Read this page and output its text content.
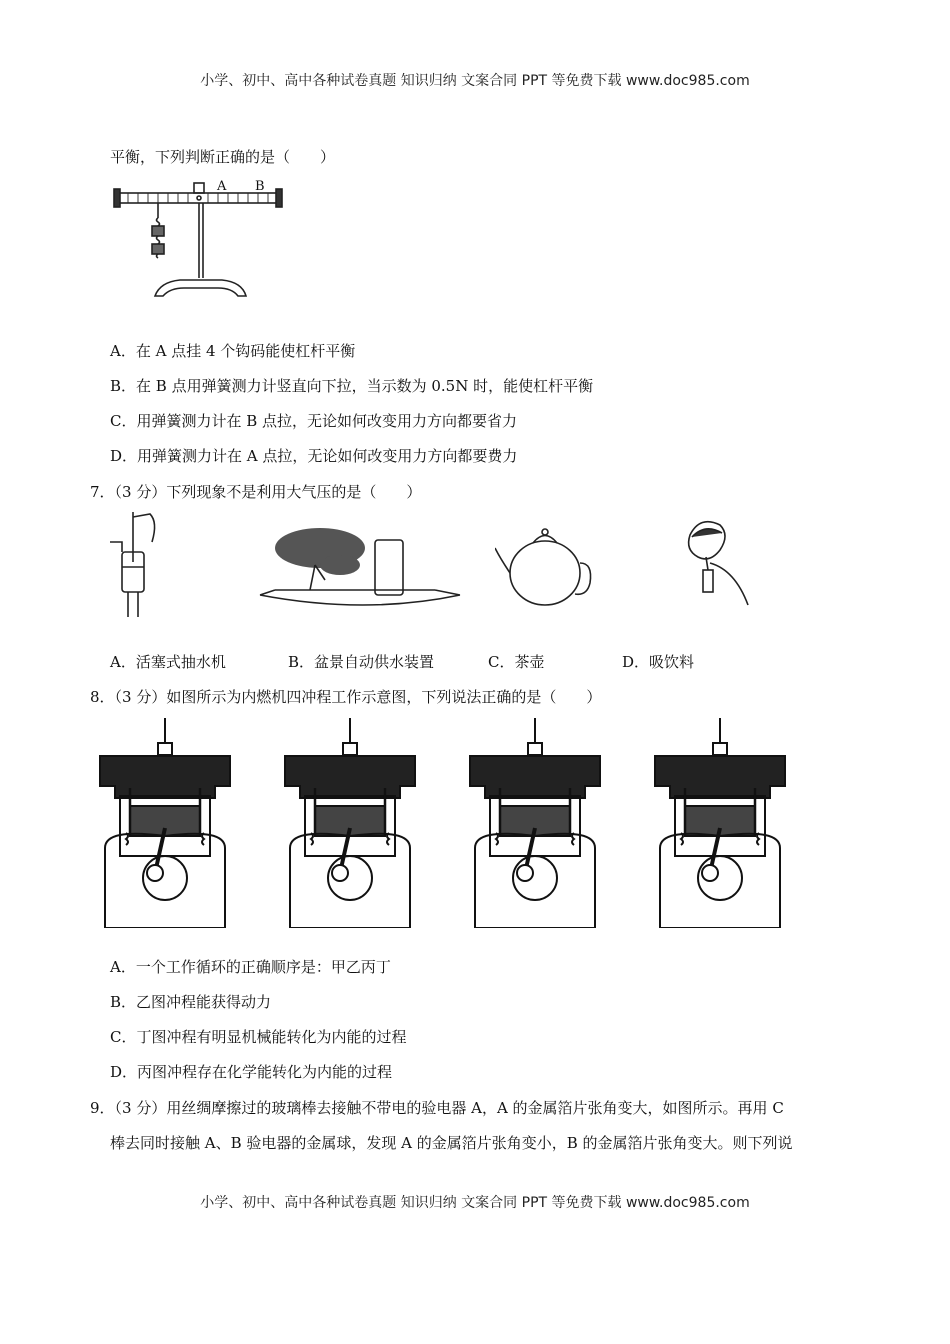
小学、初中、高中各种试卷真题 知识归纳 文案合同 PPT 等免费下载 www.doc985.com
平衡，下列判断正确的是（　　）
A B
A．在 A 点挂 4 个钩码能使杠杆平衡
B．在 B 点用弹簧测力计竖直向下拉，当示数为 0.5N 时，能使杠杆平衡
C．用弹簧测力计在 B 点拉，无论如何改变用力方向都要省力
D．用弹簧测力计在 A 点拉，无论如何改变用力方向都要费力
7．（3 分）下列现象不是利用大气压的是（　　）
A．活塞式抽水机	B．盆景自动供水装置	C．茶壶	D．吸饮料
8．（3 分）如图所示为内燃机四冲程工作示意图，下列说法正确的是（　　）
A．一个工作循环的正确顺序是：甲乙丙丁
B．乙图冲程能获得动力
C．丁图冲程有明显机械能转化为内能的过程
D．丙图冲程存在化学能转化为内能的过程
9．（3 分）用丝绸摩擦过的玻璃棒去接触不带电的验电器 A，A 的金属箔片张角变大，如图所示。再用 C
棒去同时接触 A、B 验电器的金属球，发现 A 的金属箔片张角变小，B 的金属箔片张角变大。则下列说
小学、初中、高中各种试卷真题 知识归纳 文案合同 PPT 等免费下载 www.doc985.com
